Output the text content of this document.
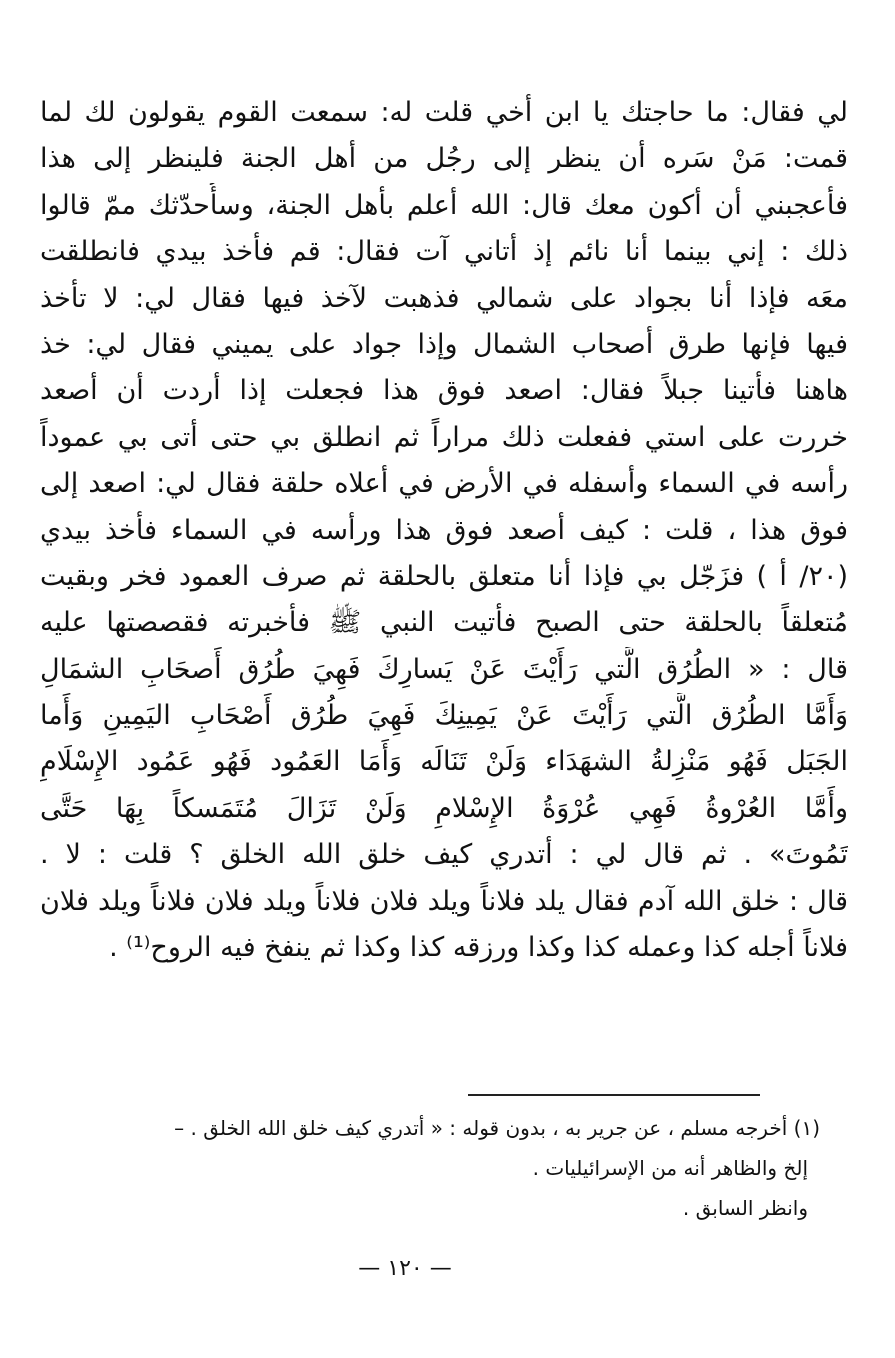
لي فقال: ما حاجتك يا ابن أخي قلت له: سمعت القوم يقولون لك لما
قمت: مَنْ سَره أن ينظر إلى رجُل من أهل الجنة فلينظر إلى هذا
فأعجبني أن أكون معك قال: الله أعلم بأهل الجنة، وسأُحدّثك ممّ قالوا
ذلك : إني بينما أنا نائم إذ أتاني آت فقال: قم فأخذ بيدي فانطلقت
معَه فإذا أنا بجواد على شمالي فذهبت لآخذ فيها فقال لي: لا تأخذ
فيها فإنها طرق أصحاب الشمال وإذا جواد على يميني فقال لي: خذ
هاهنا فأتينا جبلاً فقال: اصعد فوق هذا فجعلت إذا أردت أن أصعد
خررت على استي ففعلت ذلك مراراً ثم انطلق بي حتى أتى بي عموداً
رأسه في السماء وأسفله في الأرض في أعلاه حلقة فقال لي: اصعد إلى
فوق هذا ، قلت : كيف أصعد فوق هذا ورأسه في السماء فأخذ بيدي
(٢٠/ أ ) فزَجّل بي فإذا أنا متعلق بالحلقة ثم صرف العمود فخر وبقيت
مُتعلقاً بالحلقة حتى الصبح فأتيت النبي ﷺ فأخبرته فقصصتها عليه
قال : « الطُرُق الَّتي رَأَيْتَ عَنْ يَسارِكَ فَهِيَ طُرُق أَصحَابِ الشمَالِ
وَأَمَّا الطُرُق الَّتي رَأَيْتَ عَنْ يَمِينِكَ فَهِيَ طُرُق أَصْحَابِ اليَمِينِ وَأَما
الجَبَل فَهُو مَنْزِلةُ الشهَدَاء وَلَنْ تَنَالَه وَأَمَا العَمُود فَهُو عَمُود الإِسْلَامِ
وأَمَّا العُرْوةُ فَهِي عُرْوَةُ الإِسْلامِ وَلَنْ تَزَالَ مُتَمَسكاً بِهَا حَتَّى
تَمُوتَ» . ثم قال لي : أتدري كيف خلق الله الخلق ؟ قلت : لا .
قال : خلق الله آدم فقال يلد فلاناً ويلد فلان فلاناً ويلد فلان فلاناً ويلد فلان
فلاناً أجله كذا وعمله كذا وكذا ورزقه كذا وكذا ثم ينفخ فيه الروح⁽¹⁾ .
(١) أخرجه مسلم ، عن جرير به ، بدون قوله : « أتدري كيف خلق الله الخلق . –
إلخ والظاهر أنه من الإسرائيليات .
وانظر السابق .
— ١٢٠ —
